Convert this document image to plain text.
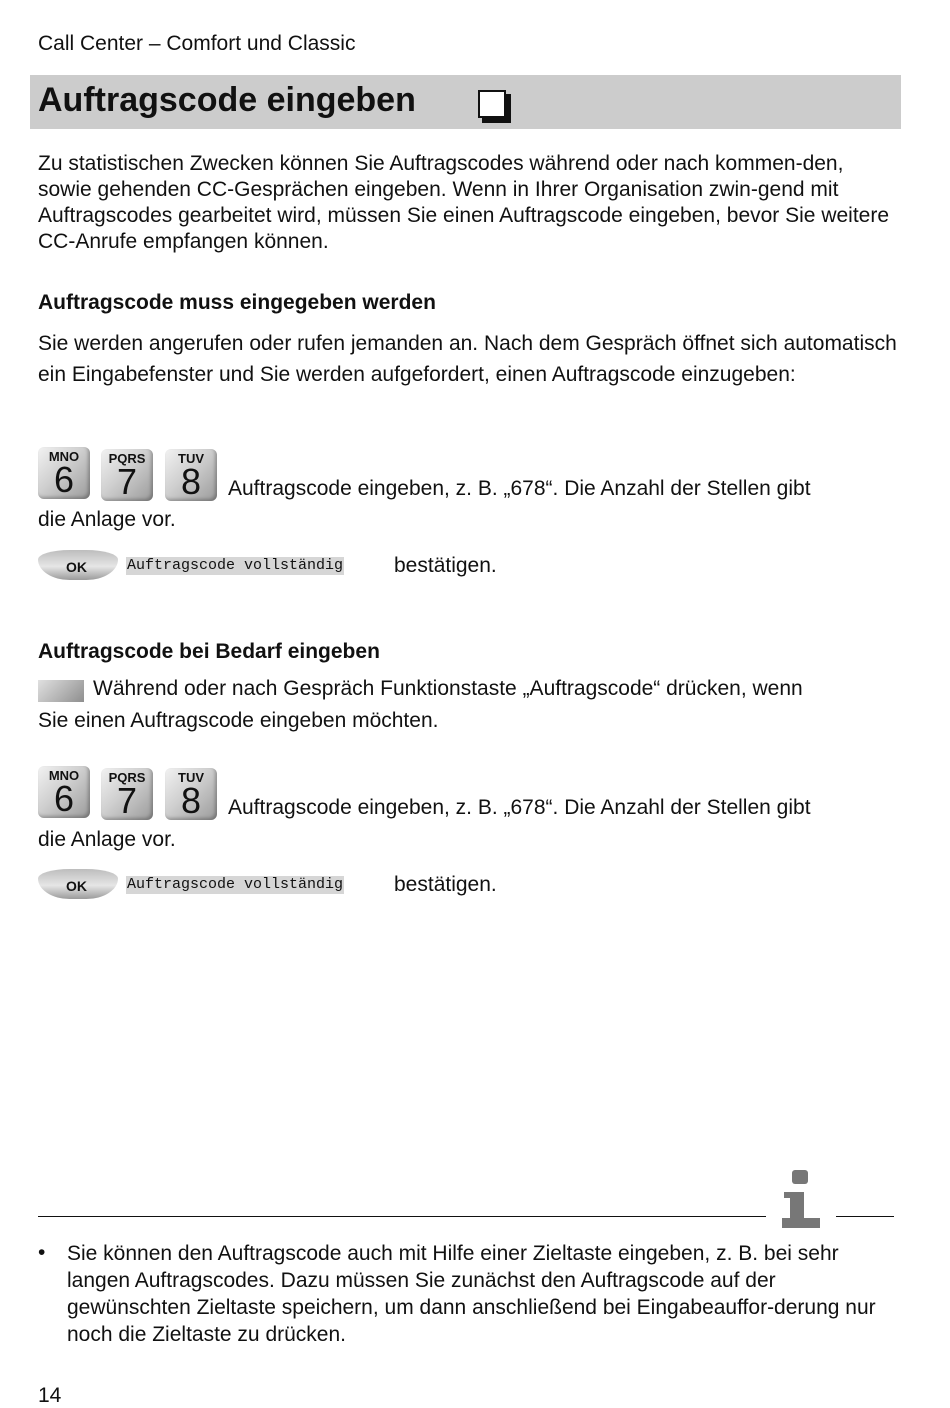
Call Center – Comfort und Classic
Auftragscode eingeben
Zu statistischen Zwecken können Sie Auftragscodes während oder nach kommen-den, sowie gehenden CC-Gesprächen eingeben. Wenn in Ihrer Organisation zwin-gend mit Auftragscodes gearbeitet wird, müssen Sie einen Auftragscode eingeben, bevor Sie weitere CC-Anrufe empfangen können.
Auftragscode muss eingegeben werden
Sie werden angerufen oder rufen jemanden an. Nach dem Gespräch öffnet sich automatisch ein Eingabefenster und Sie werden aufgefordert, einen Auftragscode einzugeben:
MNO
6
PQRS
7
TUV
8	Auftragscode eingeben, z. B. „678“. Die Anzahl der Stellen gibt
die Anlage vor.
OK	Auftragscode vollständig bestätigen.
Auftragscode bei Bedarf eingeben
Während oder nach Gespräch Funktionstaste „Auftragscode“ drücken, wenn
Sie einen Auftragscode eingeben möchten.
MNO
6
PQRS
7
TUV
8	Auftragscode eingeben, z. B. „678“. Die Anzahl der Stellen gibt
die Anlage vor.
OK	Auftragscode vollständig bestätigen.
• Sie können den Auftragscode auch mit Hilfe einer Zieltaste eingeben, z. B. bei sehr langen Auftragscodes. Dazu müssen Sie zunächst den Auftragscode auf der gewünschten Zieltaste speichern, um dann anschließend bei Eingabeauffor-derung nur noch die Zieltaste zu drücken.
14
